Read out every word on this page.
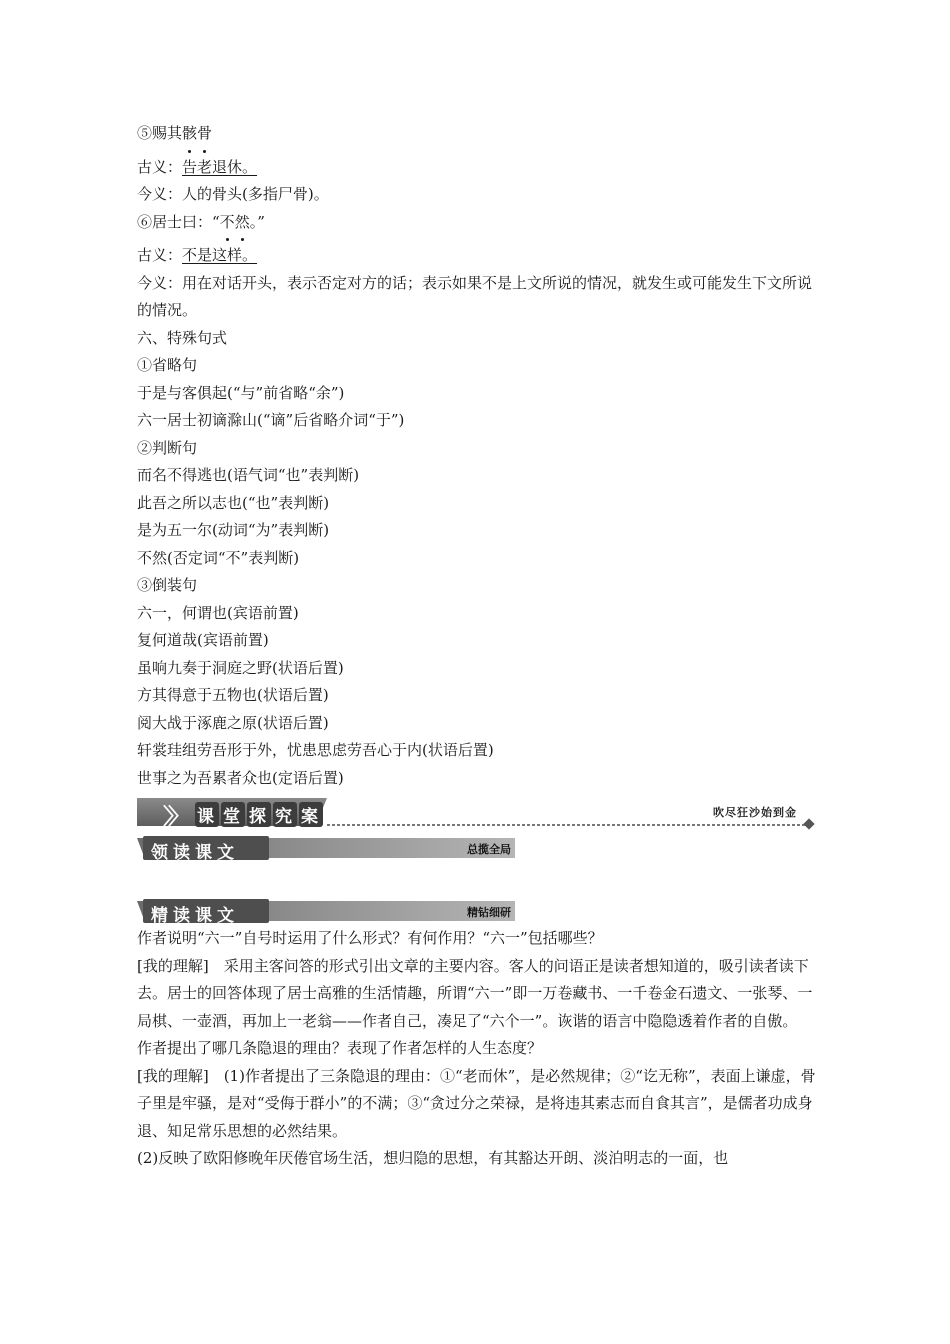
⑤赐其骸骨
古义：告老退休。
今义：人的骨头(多指尸骨)。
⑥居士曰：“不然。”
古义：不是这样。
今义：用在对话开头，表示否定对方的话；表示如果不是上文所说的情况，就发生或可能发生下文所说的情况。
六、特殊句式
①省略句
于是与客俱起(“与”前省略“余”)
六一居士初谪滁山(“谪”后省略介词“于”)
②判断句
而名不得逃也(语气词“也”表判断)
此吾之所以志也(“也”表判断)
是为五一尔(动词“为”表判断)
不然(否定词“不”表判断)
③倒装句
六一，何谓也(宾语前置)
复何道哉(宾语前置)
虽响九奏于洞庭之野(状语后置)
方其得意于五物也(状语后置)
阅大战于涿鹿之原(状语后置)
轩裳珪组劳吾形于外，忧患思虑劳吾心于内(状语后置)
世事之为吾累者众也(定语后置)
〉〉 课 堂 探 究 案	吹尽狂沙始到金
领读课文	总揽全局
精读课文	精钻细研
作者说明“六一”自号时运用了什么形式？有何作用？“六一”包括哪些？
[我的理解]　采用主客问答的形式引出文章的主要内容。客人的问语正是读者想知道的，吸引读者读下去。居士的回答体现了居士高雅的生活情趣，所谓“六一”即一万卷藏书、一千卷金石遗文、一张琴、一局棋、一壶酒，再加上一老翁——作者自己，凑足了“六个一”。诙谐的语言中隐隐透着作者的自傲。
作者提出了哪几条隐退的理由？表现了作者怎样的人生态度？
[我的理解]　(1)作者提出了三条隐退的理由：①“老而休”，是必然规律；②“讫无称”，表面上谦虚，骨子里是牢骚，是对“受侮于群小”的不满；③“贪过分之荣禄，是将违其素志而自食其言”，是儒者功成身退、知足常乐思想的必然结果。
(2)反映了欧阳修晚年厌倦官场生活，想归隐的思想，有其豁达开朗、淡泊明志的一面，也
